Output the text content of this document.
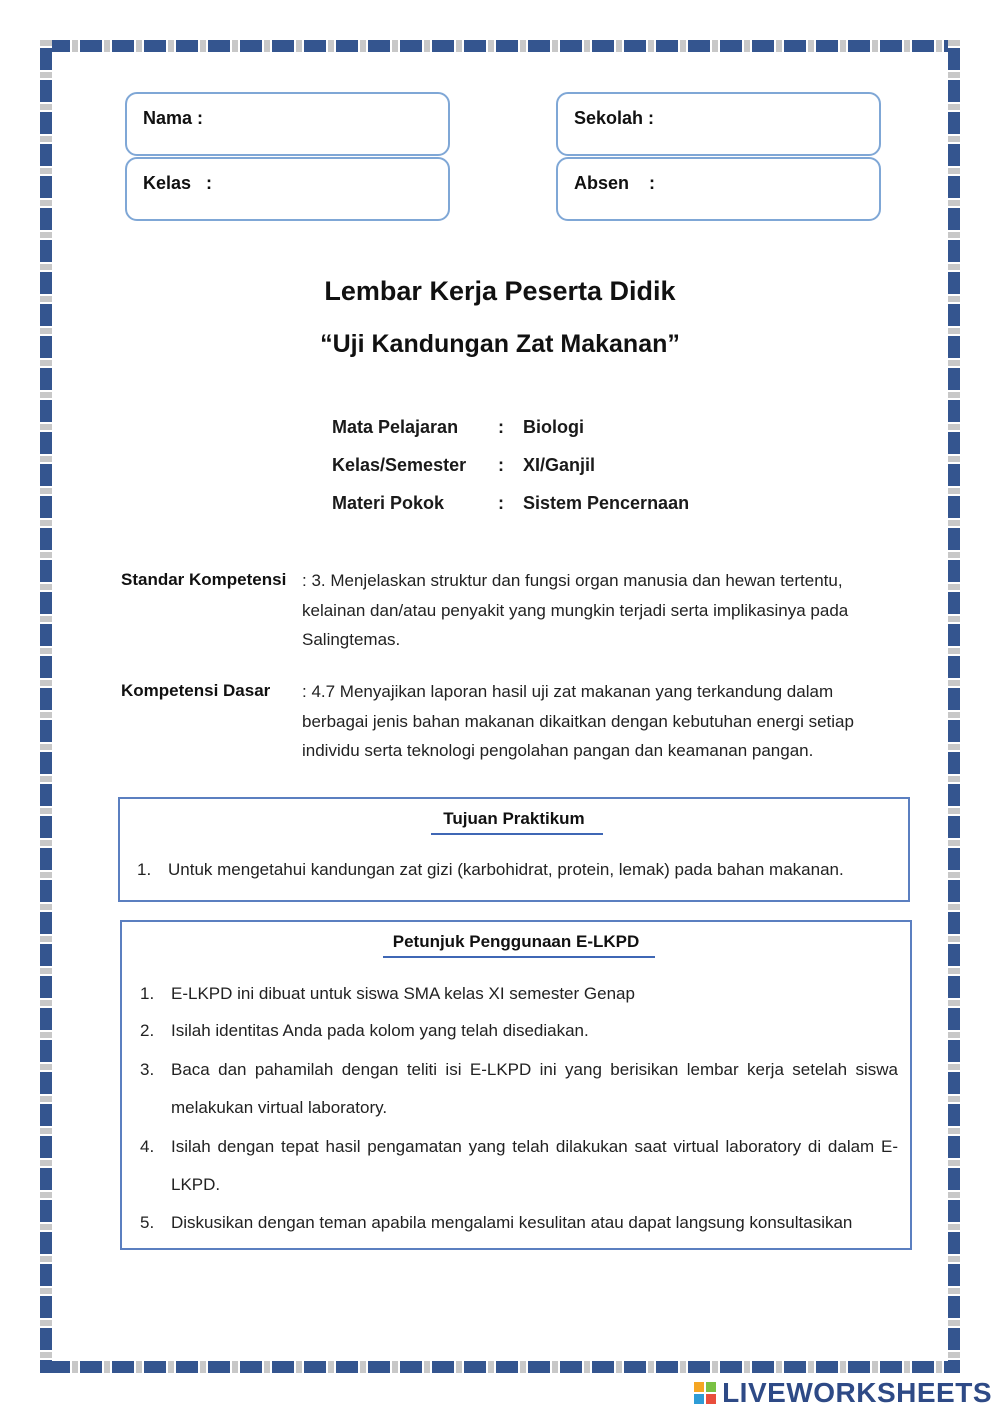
Nama :
Kelas   :
Sekolah :
Absen    :
Lembar Kerja Peserta Didik
“Uji Kandungan Zat Makanan”
Mata Pelajaran : Biologi
Kelas/Semester : XI/Ganjil
Materi Pokok	: Sistem Pencernaan
Standar Kompetensi : 3. Menjelaskan struktur dan fungsi organ manusia dan hewan tertentu, kelainan dan/atau penyakit yang mungkin terjadi serta implikasinya pada Salingtemas.
Kompetensi Dasar : 4.7 Menyajikan laporan hasil uji zat makanan yang terkandung dalam berbagai jenis bahan makanan dikaitkan dengan kebutuhan energi setiap individu serta teknologi pengolahan pangan dan keamanan pangan.
Tujuan Praktikum
1. Untuk mengetahui kandungan zat gizi (karbohidrat, protein, lemak) pada bahan makanan.
Petunjuk Penggunaan E-LKPD
1. E-LKPD ini dibuat untuk siswa SMA kelas XI semester Genap
2. Isilah identitas Anda pada kolom yang telah disediakan.
3. Baca dan pahamilah dengan teliti isi E-LKPD ini yang berisikan lembar kerja setelah siswa melakukan virtual laboratory.
4. Isilah dengan tepat hasil pengamatan yang telah dilakukan saat virtual laboratory di dalam E-LKPD.
5. Diskusikan dengan teman apabila mengalami kesulitan atau dapat langsung konsultasikan
LIVEWORKSHEETS
